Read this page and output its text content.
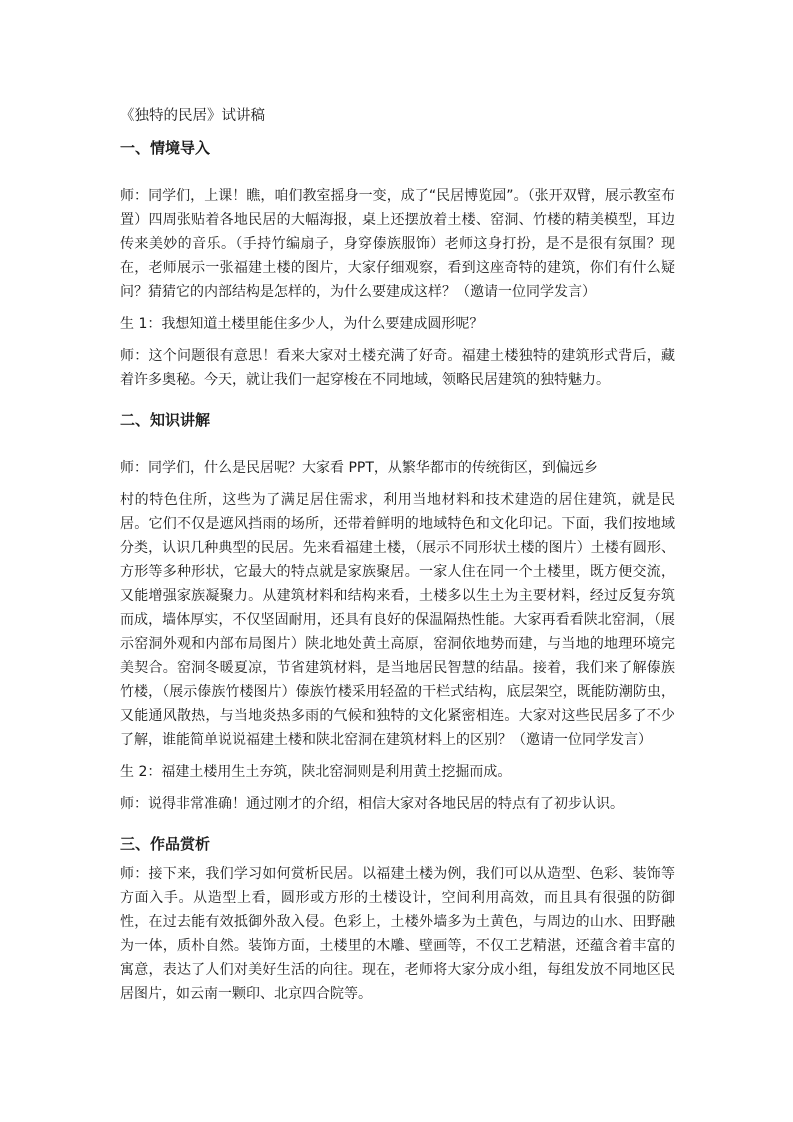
《独特的民居》试讲稿
一、情境导入

师：同学们，上课！瞧，咱们教室摇身一变，成了“民居博览园”。（张开双臂，展示教室布置）四周张贴着各地民居的大幅海报，桌上还摆放着土楼、窑洞、竹楼的精美模型，耳边传来美妙的音乐。（手持竹编扇子，身穿傣族服饰）老师这身打扮，是不是很有氛围？现在，老师展示一张福建土楼的图片，大家仔细观察，看到这座奇特的建筑，你们有什么疑问？猜猜它的内部结构是怎样的，为什么要建成这样？（邀请一位同学发言）

生 1：我想知道土楼里能住多少人，为什么要建成圆形呢？

师：这个问题很有意思！看来大家对土楼充满了好奇。福建土楼独特的建筑形式背后，藏着许多奥秘。今天，就让我们一起穿梭在不同地域，领略民居建筑的独特魅力。

二、知识讲解

师：同学们，什么是民居呢？大家看 PPT，从繁华都市的传统街区，到偏远乡

村的特色住所，这些为了满足居住需求，利用当地材料和技术建造的居住建筑，就是民居。它们不仅是遮风挡雨的场所，还带着鲜明的地域特色和文化印记。下面，我们按地域分类，认识几种典型的民居。先来看福建土楼，（展示不同形状土楼的图片）土楼有圆形、方形等多种形状，它最大的特点就是家族聚居。一家人住在同一个土楼里，既方便交流，又能增强家族凝聚力。从建筑材料和结构来看，土楼多以生土为主要材料，经过反复夯筑而成，墙体厚实，不仅坚固耐用，还具有良好的保温隔热性能。大家再看看陕北窑洞，（展示窑洞外观和内部布局图片）陕北地处黄土高原，窑洞依地势而建，与当地的地理环境完美契合。窑洞冬暖夏凉，节省建筑材料，是当地居民智慧的结晶。接着，我们来了解傣族竹楼，（展示傣族竹楼图片）傣族竹楼采用轻盈的干栏式结构，底层架空，既能防潮防虫，又能通风散热，与当地炎热多雨的气候和独特的文化紧密相连。大家对这些民居多了不少了解，谁能简单说说福建土楼和陕北窑洞在建筑材料上的区别？（邀请一位同学发言）

生 2：福建土楼用生土夯筑，陕北窑洞则是利用黄土挖掘而成。

师：说得非常准确！通过刚才的介绍，相信大家对各地民居的特点有了初步认识。

三、作品赏析

师：接下来，我们学习如何赏析民居。以福建土楼为例，我们可以从造型、色彩、装饰等方面入手。从造型上看，圆形或方形的土楼设计，空间利用高效，而且具有很强的防御性，在过去能有效抵御外敌入侵。色彩上，土楼外墙多为土黄色，与周边的山水、田野融为一体，质朴自然。装饰方面，土楼里的木雕、壁画等，不仅工艺精湛，还蕴含着丰富的寓意，表达了人们对美好生活的向往。现在，老师将大家分成小组，每组发放不同地区民居图片，如云南一颗印、北京四合院等。
